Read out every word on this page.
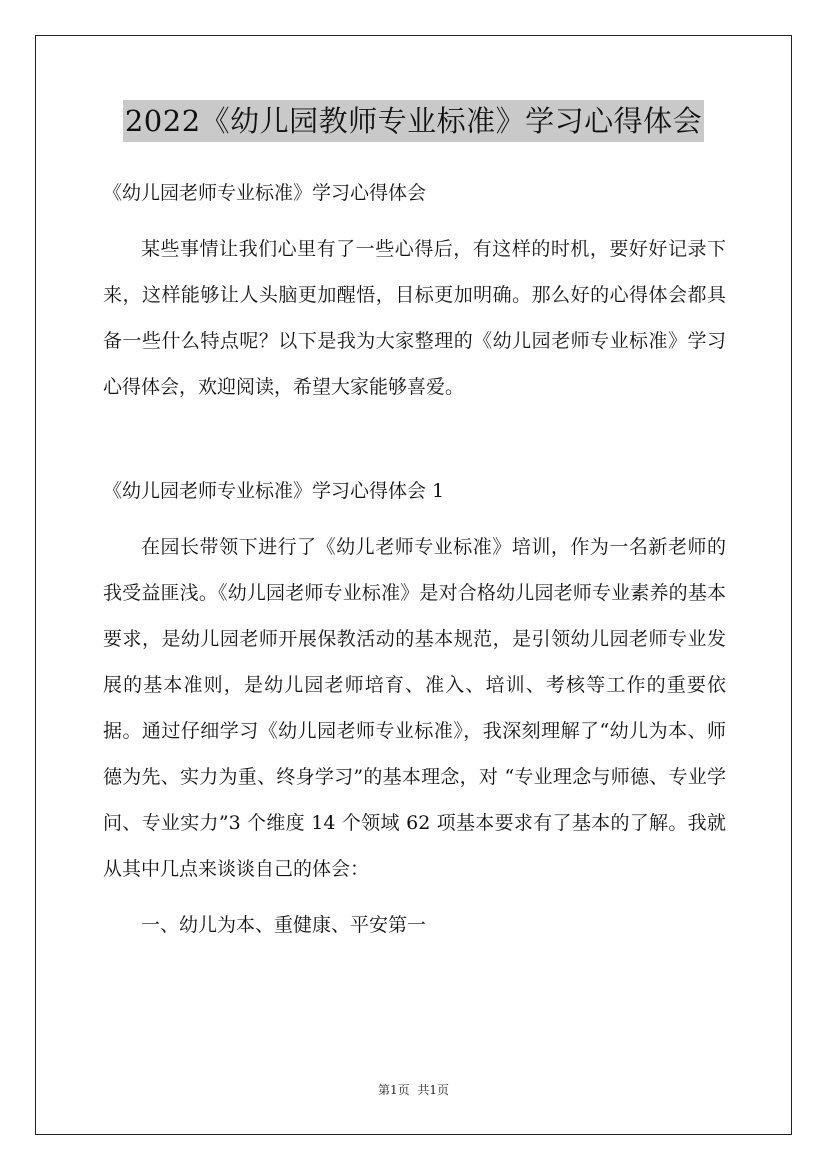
2022《幼儿园教师专业标准》学习心得体会

《幼儿园老师专业标准》学习心得体会

某些事情让我们心里有了一些心得后，有这样的时机，要好好记录下来，这样能够让人头脑更加醒悟，目标更加明确。那么好的心得体会都具备一些什么特点呢？以下是我为大家整理的《幼儿园老师专业标准》学习心得体会，欢迎阅读，希望大家能够喜爱。

《幼儿园老师专业标准》学习心得体会 1

在园长带领下进行了《幼儿老师专业标准》培训，作为一名新老师的我受益匪浅。《幼儿园老师专业标准》是对合格幼儿园老师专业素养的基本要求，是幼儿园老师开展保教活动的基本规范，是引领幼儿园老师专业发展的基本准则，是幼儿园老师培育、准入、培训、考核等工作的重要依据。通过仔细学习《幼儿园老师专业标准》，我深刻理解了“幼儿为本、师德为先、实力为重、终身学习”的基本理念，对 “专业理念与师德、专业学问、专业实力”3 个维度 14 个领域 62 项基本要求有了基本的了解。我就从其中几点来谈谈自己的体会：

一、幼儿为本、重健康、平安第一

第1页 共1页
